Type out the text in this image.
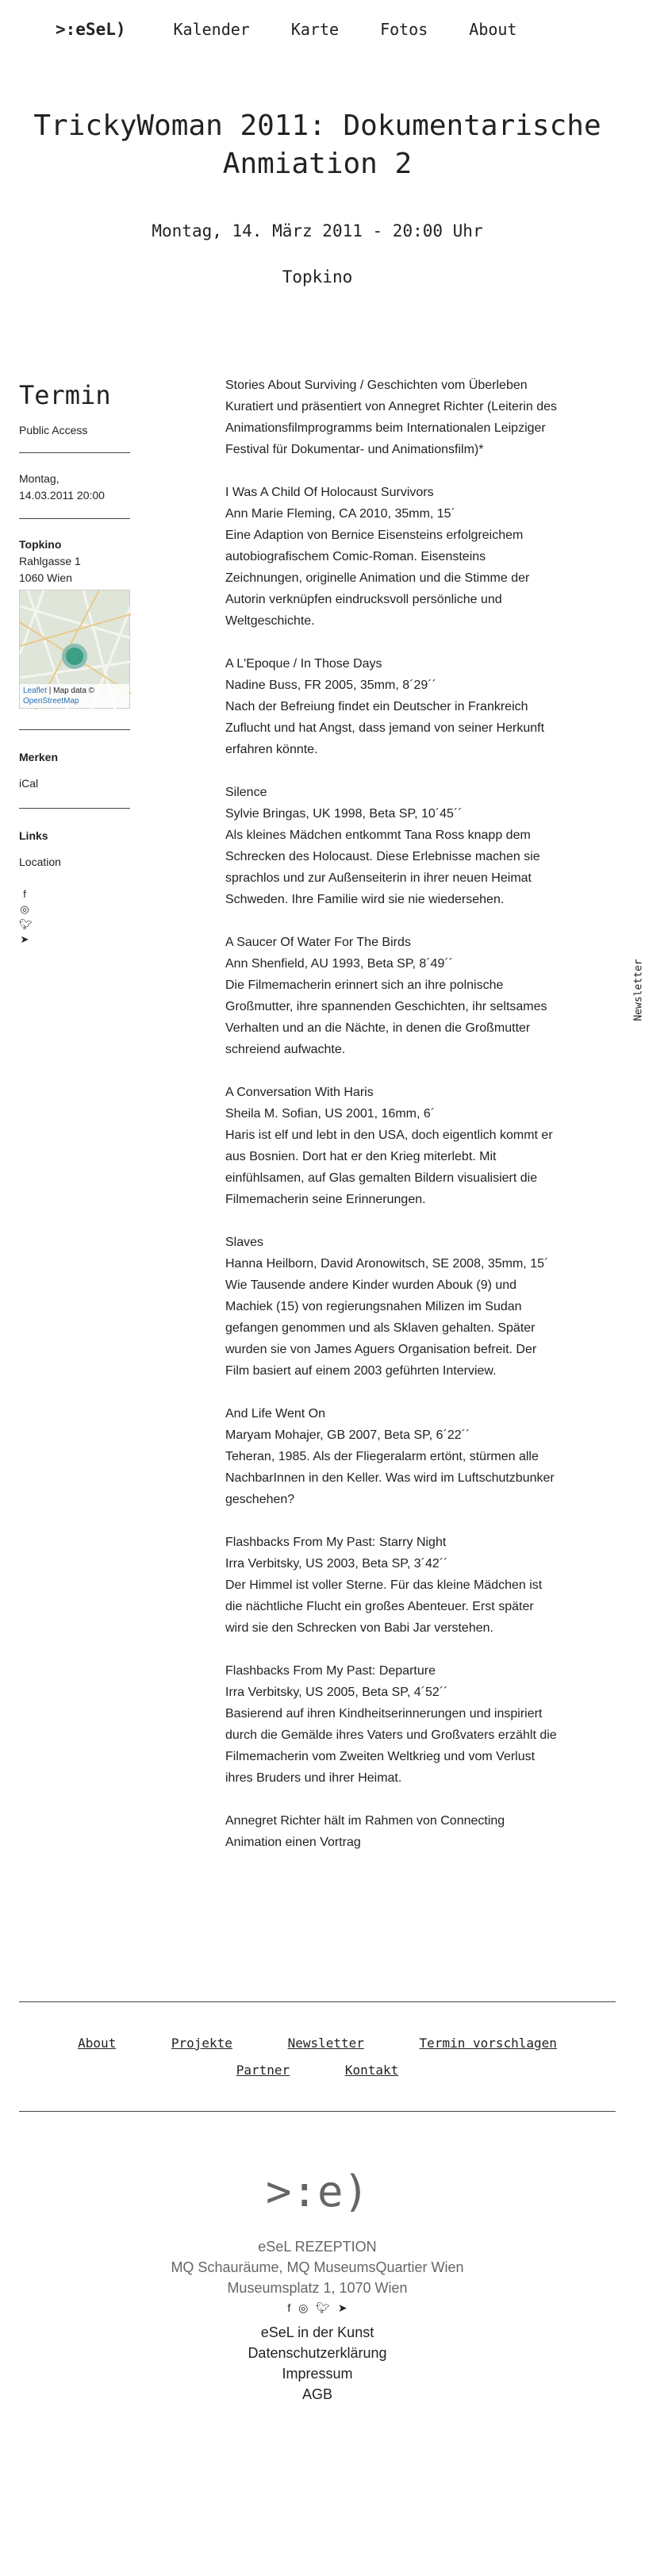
>:eSeL)	Kalender	Karte	Fotos	About
TrickyWoman 2011: Dokumentarische
Anmiation 2
Montag, 14. März 2011 - 20:00 Uhr
Topkino
Termin
Public Access
Montag,
14.03.2011 20:00
Topkino
Rahlgasse 1
1060 Wien
Leaflet | Map data ©
OpenStreetMap
Merken
iCal
Links
Location
f
◎
🐦︎
➤

Stories About Surviving / Geschichten vom Überleben

Kuratiert und präsentiert von Annegret Richter (Leiterin des

Animationsfilmprogramms beim Internationalen Leipziger

Festival für Dokumentar- und Animationsfilm)*

I Was A Child Of Holocaust Survivors

Ann Marie Fleming, CA 2010, 35mm, 15´

Eine Adaption von Bernice Eisensteins erfolgreichem

autobiografischem Comic-Roman. Eisensteins

Zeichnungen, originelle Animation und die Stimme der

Autorin verknüpfen eindrucksvoll persönliche und

Weltgeschichte.

A L'Epoque / In Those Days

Nadine Buss, FR 2005, 35mm, 8´29´´

Nach der Befreiung findet ein Deutscher in Frankreich

Zuflucht und hat Angst, dass jemand von seiner Herkunft

erfahren könnte.

Silence

Sylvie Bringas, UK 1998, Beta SP, 10´45´´

Als kleines Mädchen entkommt Tana Ross knapp dem

Schrecken des Holocaust. Diese Erlebnisse machen sie

sprachlos und zur Außenseiterin in ihrer neuen Heimat

Schweden. Ihre Familie wird sie nie wiedersehen.

A Saucer Of Water For The Birds

Ann Shenfield, AU 1993, Beta SP, 8´49´´

Die Filmemacherin erinnert sich an ihre polnische

Großmutter, ihre spannenden Geschichten, ihr seltsames

Verhalten und an die Nächte, in denen die Großmutter

schreiend aufwachte.

A Conversation With Haris

Sheila M. Sofian, US 2001, 16mm, 6´

Haris ist elf und lebt in den USA, doch eigentlich kommt er

aus Bosnien. Dort hat er den Krieg miterlebt. Mit

einfühlsamen, auf Glas gemalten Bildern visualisiert die

Filmemacherin seine Erinnerungen.

Slaves

Hanna Heilborn, David Aronowitsch, SE 2008, 35mm, 15´

Wie Tausende andere Kinder wurden Abouk (9) und

Machiek (15) von regierungsnahen Milizen im Sudan

gefangen genommen und als Sklaven gehalten. Später

wurden sie von James Aguers Organisation befreit. Der

Film basiert auf einem 2003 geführten Interview.

And Life Went On

Maryam Mohajer, GB 2007, Beta SP, 6´22´´

Teheran, 1985. Als der Fliegeralarm ertönt, stürmen alle

NachbarInnen in den Keller. Was wird im Luftschutzbunker

geschehen?

Flashbacks From My Past: Starry Night

Irra Verbitsky, US 2003, Beta SP, 3´42´´

Der Himmel ist voller Sterne. Für das kleine Mädchen ist

die nächtliche Flucht ein großes Abenteuer. Erst später

wird sie den Schrecken von Babi Jar verstehen.

Flashbacks From My Past: Departure

Irra Verbitsky, US 2005, Beta SP, 4´52´´

Basierend auf ihren Kindheitserinnerungen und inspiriert

durch die Gemälde ihres Vaters und Großvaters erzählt die

Filmemacherin vom Zweiten Weltkrieg und vom Verlust

ihres Bruders und ihrer Heimat.

Annegret Richter hält im Rahmen von Connecting

Animation einen Vortrag

Newsletter
About	Projekte	Newsletter	Termin vorschlagen
Partner	Kontakt
>:e)
eSeL REZEPTION
MQ Schauräume, MQ MuseumsQuartier Wien
Museumsplatz 1, 1070 Wien
f ◎ 🐦︎ ➤
eSeL in der Kunst
Datenschutzerklärung
Impressum
AGB
